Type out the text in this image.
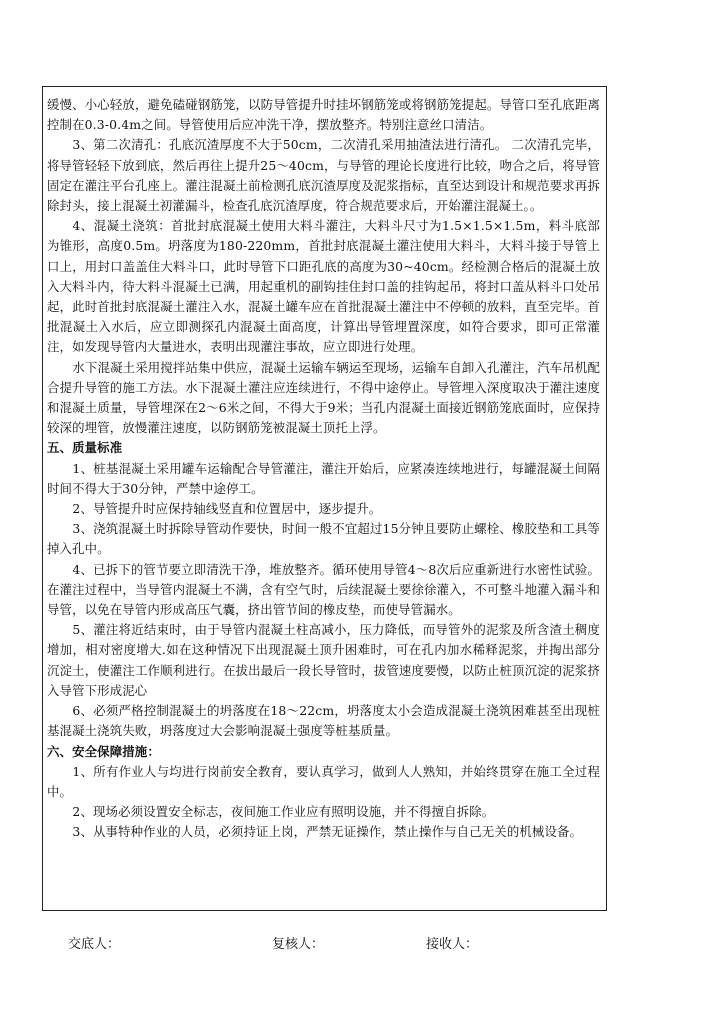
缓慢、小心轻放，避免磕碰钢筋笼，以防导管提升时挂坏钢筋笼或将钢筋笼提起。导管口至孔底距离控制在0.3-0.4m之间。导管使用后应冲洗干净，摆放整齐。特别注意丝口清洁。

3、第二次清孔：孔底沉渣厚度不大于50cm，二次清孔采用抽渣法进行清孔。 二次清孔完毕，将导管轻轻下放到底，然后再往上提升25～40cm，与导管的理论长度进行比较，吻合之后，将导管固定在灌注平台孔座上。灌注混凝土前检测孔底沉渣厚度及泥浆指标，直至达到设计和规范要求再拆除封头，接上混凝土初灌漏斗，检查孔底沉渣厚度，符合规范要求后，开始灌注混凝土。。

4、混凝土浇筑：首批封底混凝土使用大料斗灌注，大料斗尺寸为1.5×1.5×1.5m，料斗底部为锥形，高度0.5m。坍落度为180-220mm，首批封底混凝土灌注使用大料斗，大料斗接于导管上口上，用封口盖盖住大料斗口，此时导管下口距孔底的高度为30~40cm。经检测合格后的混凝土放入大料斗内，待大料斗混凝土已满，用起重机的副钩挂住封口盖的挂钩起吊，将封口盖从料斗口处吊起，此时首批封底混凝土灌注入水，混凝土罐车应在首批混凝土灌注中不停顿的放料，直至完毕。首批混凝土入水后，应立即测探孔内混凝土面高度，计算出导管埋置深度，如符合要求，即可正常灌注，如发现导管内大量进水，表明出现灌注事故，应立即进行处理。

水下混凝土采用搅拌站集中供应，混凝土运输车辆运至现场，运输车自卸入孔灌注，汽车吊机配合提升导管的施工方法。水下混凝土灌注应连续进行，不得中途停止。导管埋入深度取决于灌注速度和混凝土质量，导管埋深在2～6米之间，不得大于9米；当孔内混凝土面接近钢筋笼底面时，应保持较深的埋管，放慢灌注速度，以防钢筋笼被混凝土顶托上浮。

五、质量标准

1、桩基混凝土采用罐车运输配合导管灌注，灌注开始后，应紧凑连续地进行，每罐混凝土间隔时间不得大于30分钟，严禁中途停工。

2、导管提升时应保持轴线竖直和位置居中，逐步提升。

3、浇筑混凝土时拆除导管动作要快，时间一般不宜超过15分钟且要防止螺栓、橡胶垫和工具等掉入孔中。

4、已拆下的管节要立即清洗干净，堆放整齐。循环使用导管4～8次后应重新进行水密性试验。在灌注过程中，当导管内混凝土不满，含有空气时，后续混凝土要徐徐灌入，不可整斗地灌入漏斗和导管，以免在导管内形成高压气囊，挤出管节间的橡皮垫，而使导管漏水。

5、灌注将近结束时，由于导管内混凝土柱高减小，压力降低，而导管外的泥浆及所含渣土稠度增加，相对密度增大.如在这种情况下出现混凝土顶升困难时，可在孔内加水稀释泥浆，并掏出部分沉淀土，使灌注工作顺利进行。在拔出最后一段长导管时，拔管速度要慢，以防止桩顶沉淀的泥浆挤入导管下形成泥心

6、必须严格控制混凝土的坍落度在18～22cm，坍落度太小会造成混凝土浇筑困难甚至出现桩基混凝土浇筑失败，坍落度过大会影响混凝土强度等桩基质量。

六、安全保障措施：

1、所有作业人与均进行岗前安全教育，要认真学习，做到人人熟知，并始终贯穿在施工全过程中。

2、现场必须设置安全标志，夜间施工作业应有照明设施，并不得擅自拆除。

3、从事特种作业的人员，必须持证上岗，严禁无证操作，禁止操作与自己无关的机械设备。

交底人：	复核人：	接收人：
